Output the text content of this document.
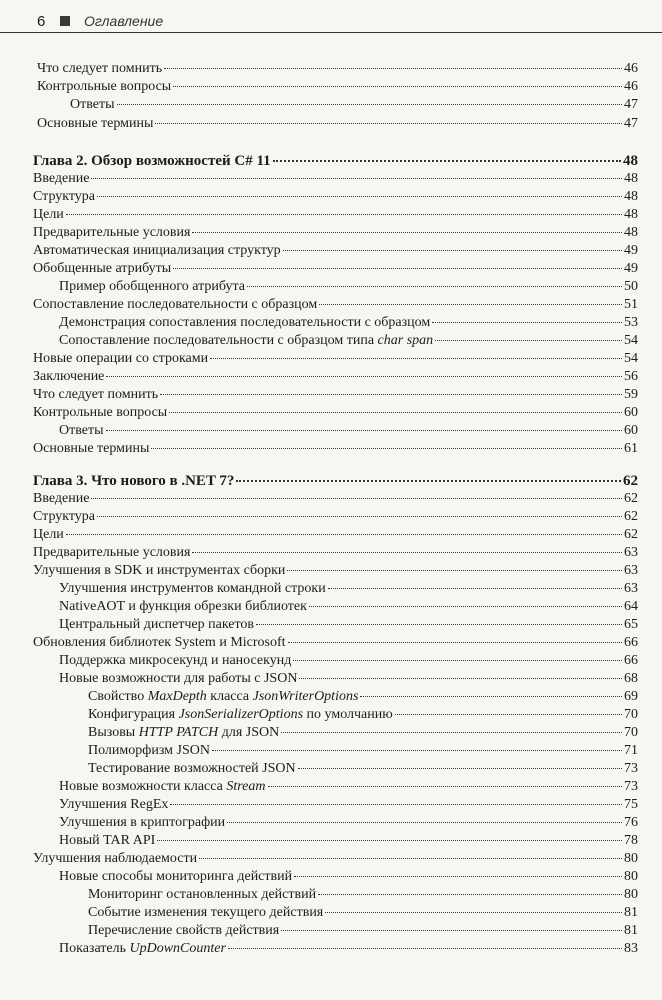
6	Оглавление
Что следует помнить	46
Контрольные вопросы	46
Ответы	47
Основные термины	47
Глава 2. Обзор возможностей C# 11	48
Введение	48
Структура	48
Цели	48
Предварительные условия	48
Автоматическая инициализация структур	49
Обобщенные атрибуты	49
Пример обобщенного атрибута	50
Сопоставление последовательности с образцом	51
Демонстрация сопоставления последовательности с образцом	53
Сопоставление последовательности с образцом типа char span	54
Новые операции со строками	54
Заключение	56
Что следует помнить	59
Контрольные вопросы	60
Ответы	60
Основные термины	61
Глава 3. Что нового в .NET 7?	62
Введение	62
Структура	62
Цели	62
Предварительные условия	63
Улучшения в SDK и инструментах сборки	63
Улучшения инструментов командной строки	63
NativeAOT и функция обрезки библиотек	64
Центральный диспетчер пакетов	65
Обновления библиотек System и Microsoft	66
Поддержка микросекунд и наносекунд	66
Новые возможности для работы с JSON	68
Свойство MaxDepth класса JsonWriterOptions	69
Конфигурация JsonSerializerOptions по умолчанию	70
Вызовы HTTP PATCH для JSON	70
Полиморфизм JSON	71
Тестирование возможностей JSON	73
Новые возможности класса Stream	73
Улучшения RegEx	75
Улучшения в криптографии	76
Новый TAR API	78
Улучшения наблюдаемости	80
Новые способы мониторинга действий	80
Мониторинг остановленных действий	80
Событие изменения текущего действия	81
Перечисление свойств действия	81
Показатель UpDownCounter	83
